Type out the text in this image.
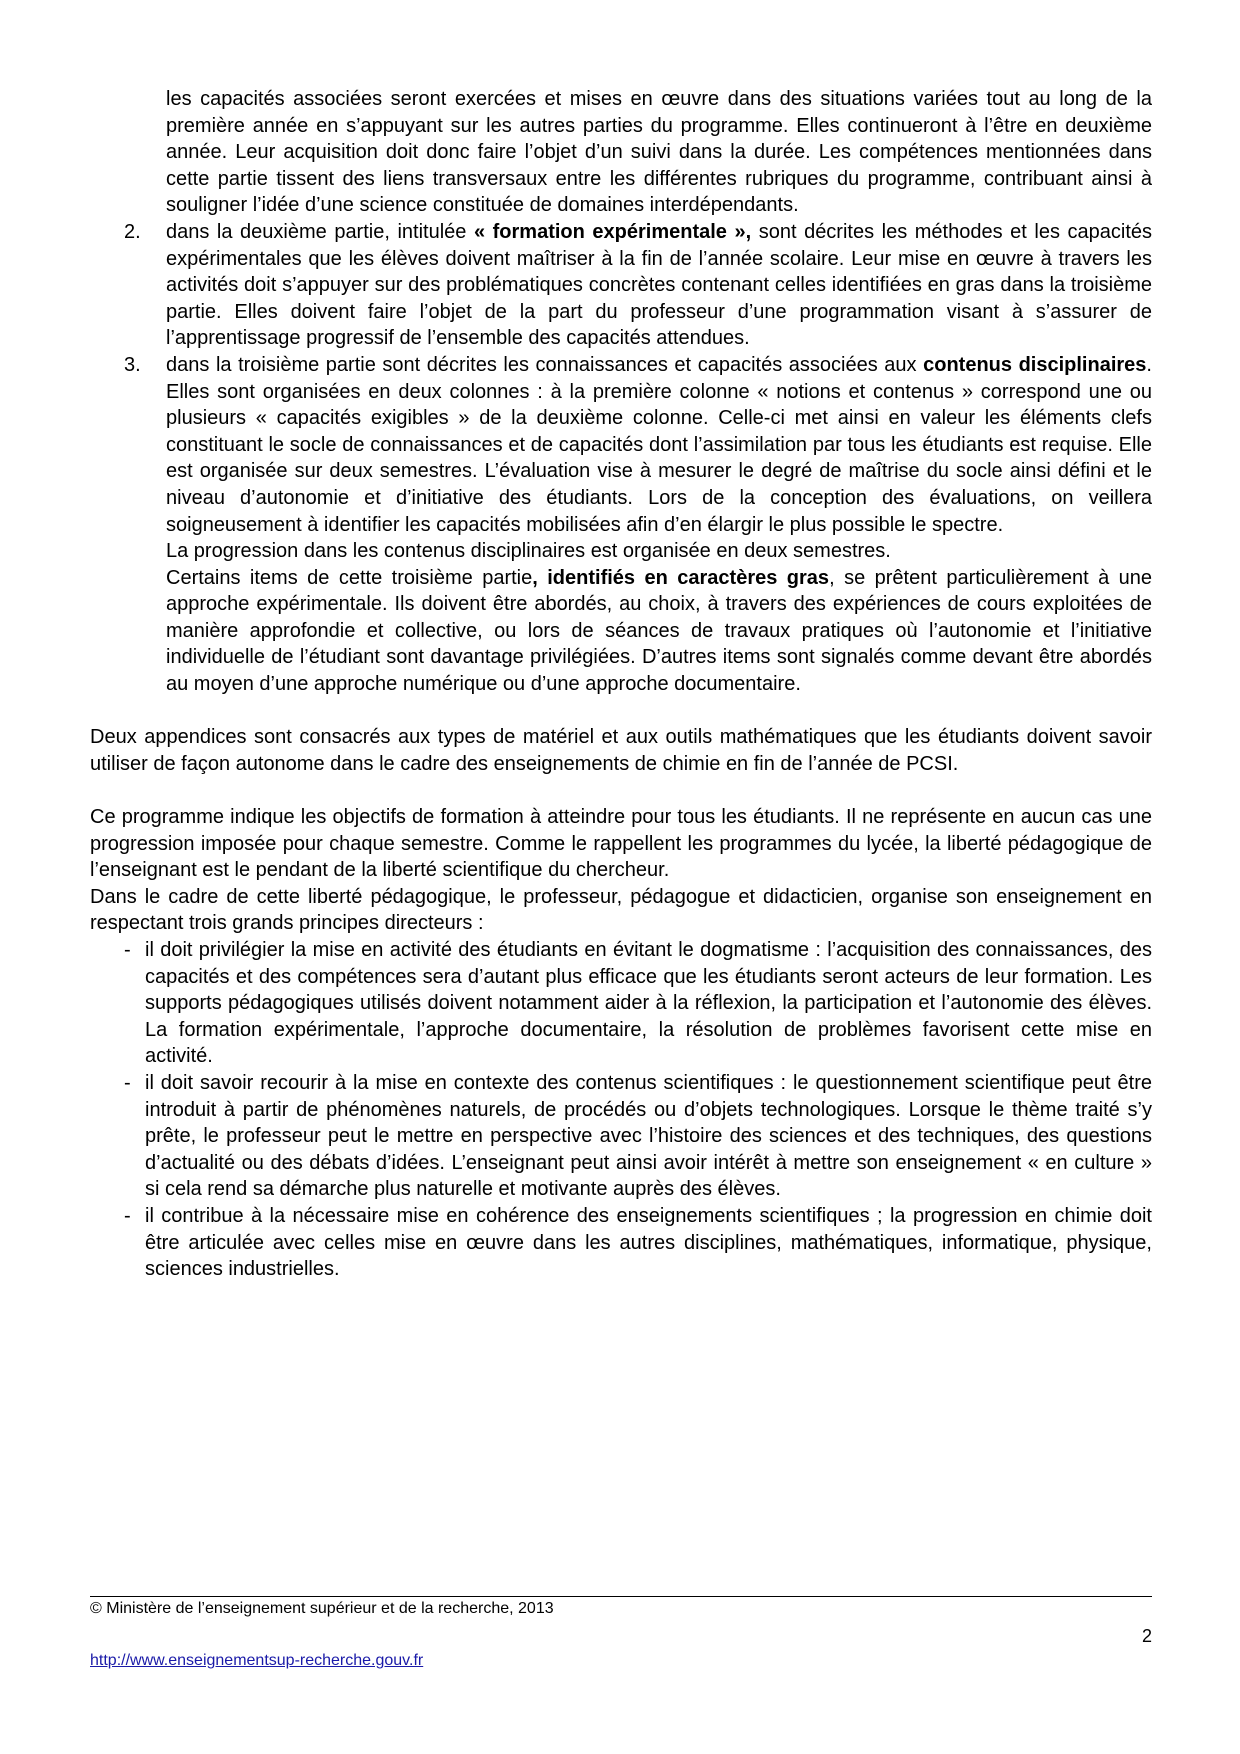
les capacités associées seront exercées et mises en œuvre dans des situations variées tout au long de la première année en s’appuyant sur les autres parties du programme. Elles continueront à l’être en deuxième année. Leur acquisition doit donc faire l’objet d’un suivi dans la durée. Les compétences mentionnées dans cette partie tissent des liens transversaux entre les différentes rubriques du programme, contribuant ainsi à souligner l’idée d’une science constituée de domaines interdépendants.

2. dans la deuxième partie, intitulée « formation expérimentale », sont décrites les méthodes et les capacités expérimentales que les élèves doivent maîtriser à la fin de l’année scolaire. Leur mise en œuvre à travers les activités doit s’appuyer sur des problématiques concrètes contenant celles identifiées en gras dans la troisième partie. Elles doivent faire l’objet de la part du professeur d’une programmation visant à s’assurer de l’apprentissage progressif de l’ensemble des capacités attendues.

3. dans la troisième partie sont décrites les connaissances et capacités associées aux contenus disciplinaires. Elles sont organisées en deux colonnes : à la première colonne « notions et contenus » correspond une ou plusieurs « capacités exigibles » de la deuxième colonne. Celle-ci met ainsi en valeur les éléments clefs constituant le socle de connaissances et de capacités dont l’assimilation par tous les étudiants est requise. Elle est organisée sur deux semestres. L’évaluation vise à mesurer le degré de maîtrise du socle ainsi défini et le niveau d’autonomie et d’initiative des étudiants. Lors de la conception des évaluations, on veillera soigneusement à identifier les capacités mobilisées afin d’en élargir le plus possible le spectre.

La progression dans les contenus disciplinaires est organisée en deux semestres.

Certains items de cette troisième partie, identifiés en caractères gras, se prêtent particulièrement à une approche expérimentale. Ils doivent être abordés, au choix, à travers des expériences de cours exploitées de manière approfondie et collective, ou lors de séances de travaux pratiques où l’autonomie et l’initiative individuelle de l’étudiant sont davantage privilégiées. D’autres items sont signalés comme devant être abordés au moyen d’une approche numérique ou d’une approche documentaire.

Deux appendices sont consacrés aux types de matériel et aux outils mathématiques que les étudiants doivent savoir utiliser de façon autonome dans le cadre des enseignements de chimie en fin de l’année de PCSI.

Ce programme indique les objectifs de formation à atteindre pour tous les étudiants. Il ne représente en aucun cas une progression imposée pour chaque semestre. Comme le rappellent les programmes du lycée, la liberté pédagogique de l’enseignant est le pendant de la liberté scientifique du chercheur.

Dans le cadre de cette liberté pédagogique, le professeur, pédagogue et didacticien, organise son enseignement en respectant trois grands principes directeurs :

- il doit privilégier la mise en activité des étudiants en évitant le dogmatisme : l’acquisition des connaissances, des capacités et des compétences sera d’autant plus efficace que les étudiants seront acteurs de leur formation. Les supports pédagogiques utilisés doivent notamment aider à la réflexion, la participation et l’autonomie des élèves. La formation expérimentale, l’approche documentaire, la résolution de problèmes favorisent cette mise en activité.

- il doit savoir recourir à la mise en contexte des contenus scientifiques : le questionnement scientifique peut être introduit à partir de phénomènes naturels, de procédés ou d’objets technologiques. Lorsque le thème traité s’y prête, le professeur peut le mettre en perspective avec l’histoire des sciences et des techniques, des questions d’actualité ou des débats d’idées. L’enseignant peut ainsi avoir intérêt à mettre son enseignement « en culture » si cela rend sa démarche plus naturelle et motivante auprès des élèves.

- il contribue à la nécessaire mise en cohérence des enseignements scientifiques ; la progression en chimie doit être articulée avec celles mise en œuvre dans les autres disciplines, mathématiques, informatique, physique, sciences industrielles.

© Ministère de l’enseignement supérieur et de la recherche, 2013
2
http://www.enseignementsup-recherche.gouv.fr
